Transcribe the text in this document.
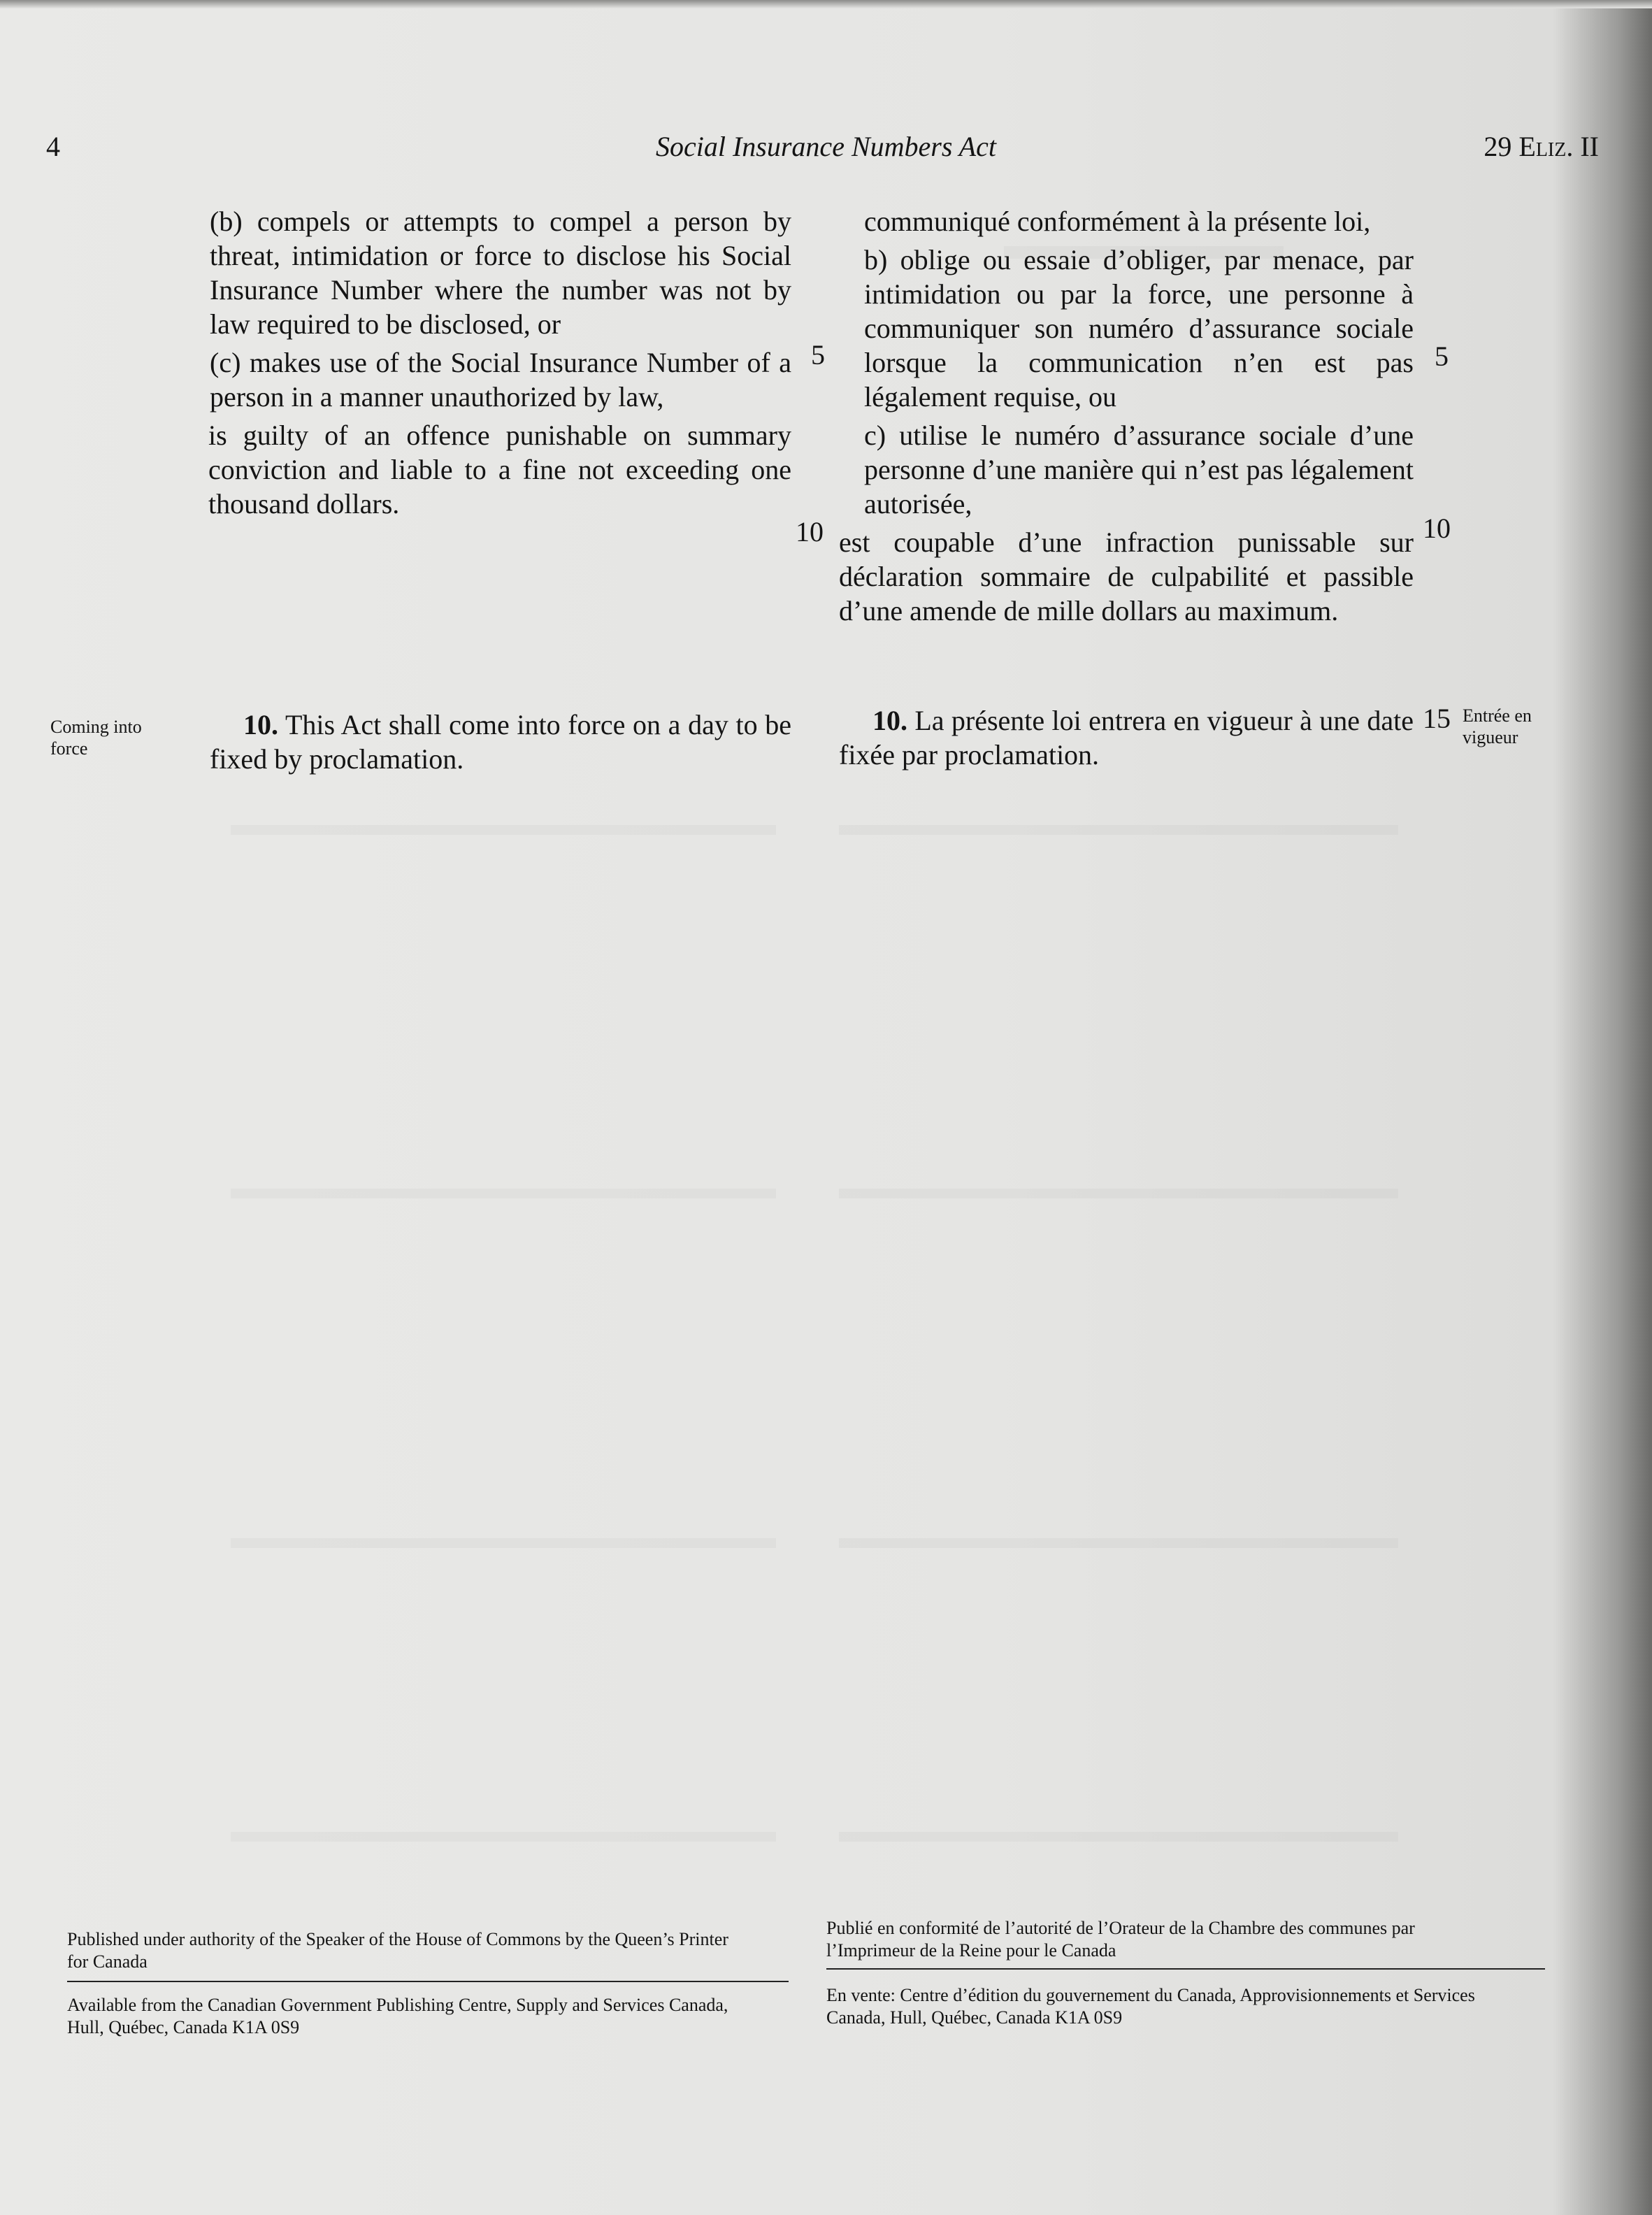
4	Social Insurance Numbers Act	29 Eliz. II

(b) compels or attempts to compel a person by threat, intimidation or force to disclose his Social Insurance Number where the number was not by law required to be disclosed, or

(c) makes use of the Social Insurance Number of a person in a manner unauthorized by law,

is guilty of an offence punishable on summary conviction and liable to a fine not exceeding one thousand dollars.

10. This Act shall come into force on a day to be fixed by proclamation.

Coming into force
5
10
5
10
15

communiqué conformément à la présente loi,

b) oblige ou essaie d’obliger, par menace, par intimidation ou par la force, une personne à communiquer son numéro d’assurance sociale lorsque la communication n’en est pas légalement requise, ou

c) utilise le numéro d’assurance sociale d’une personne d’une manière qui n’est pas légalement autorisée,

est coupable d’une infraction punissable sur déclaration sommaire de culpabilité et passible d’une amende de mille dollars au maximum.

10. La présente loi entrera en vigueur à une date fixée par proclamation.

Entrée en vigueur
Published under authority of the Speaker of the House of Commons by the Queen’s Printer for Canada
Available from the Canadian Government Publishing Centre, Supply and Services Canada, Hull, Québec, Canada K1A 0S9
Publié en conformité de l’autorité de l’Orateur de la Chambre des communes par l’Imprimeur de la Reine pour le Canada
En vente: Centre d’édition du gouvernement du Canada, Approvisionnements et Services Canada, Hull, Québec, Canada K1A 0S9
